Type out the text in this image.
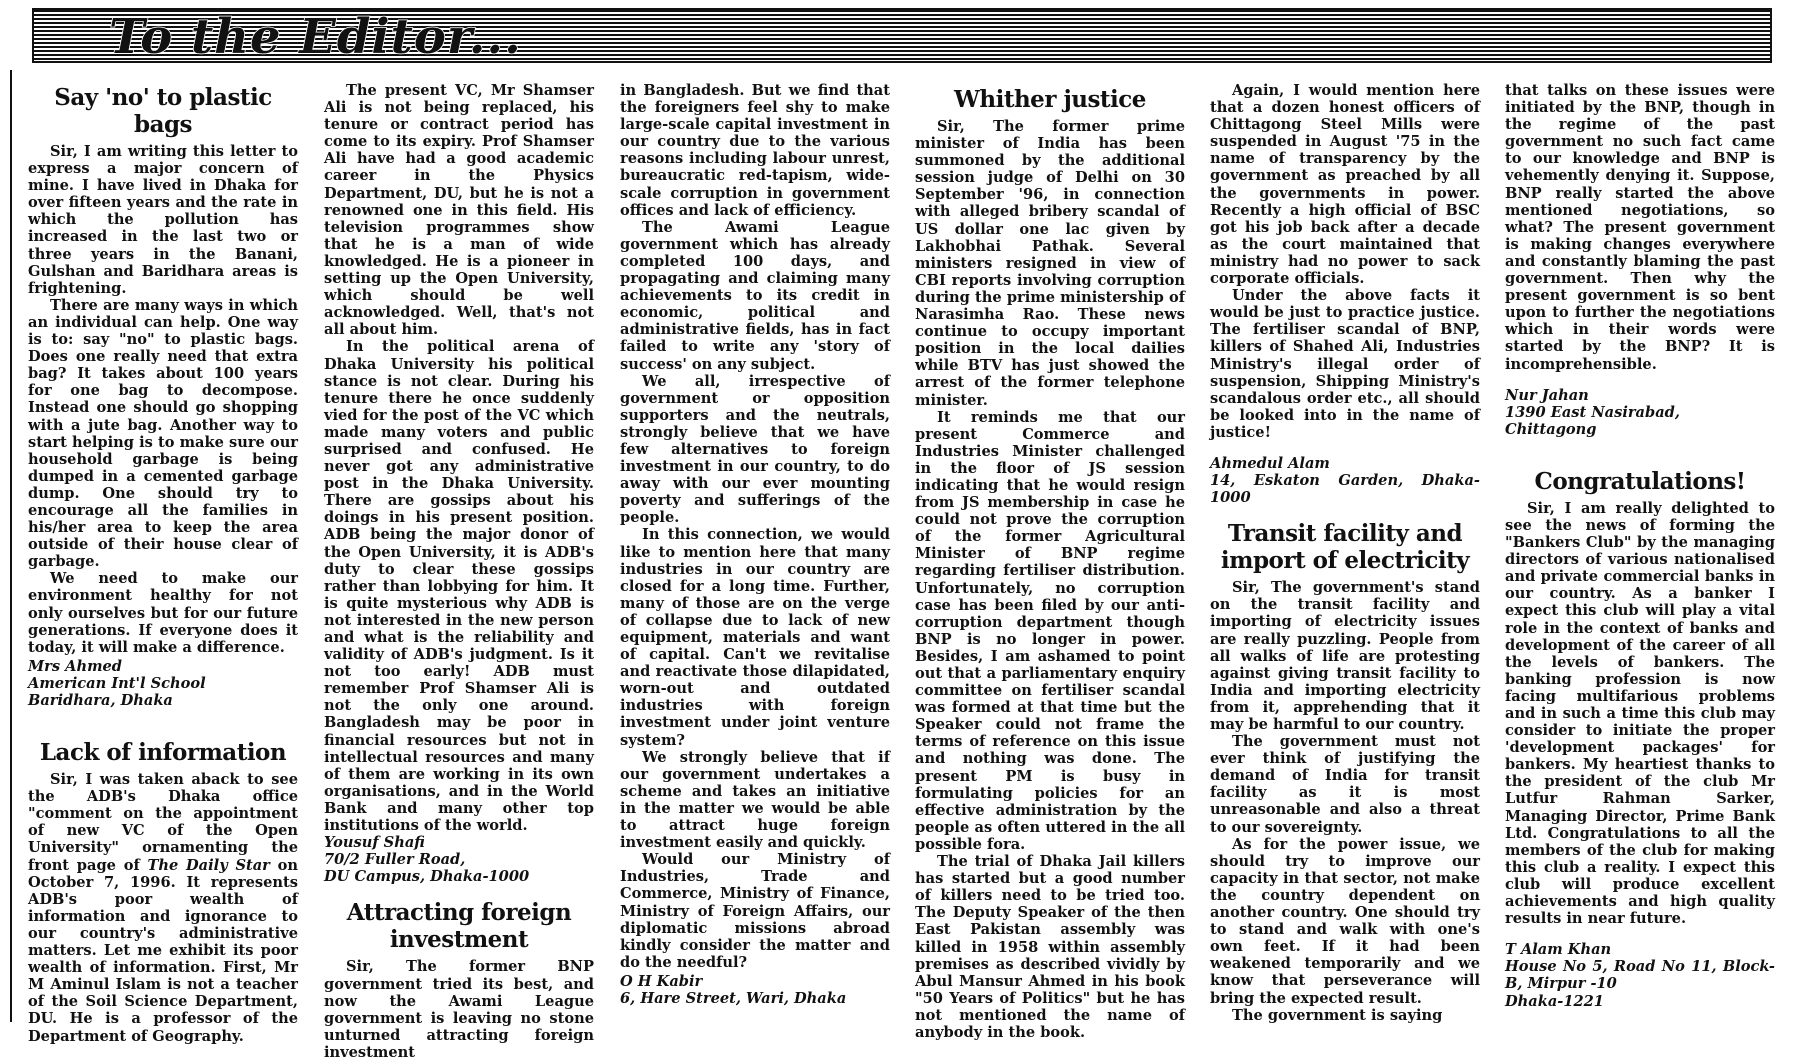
To the Editor...
Say 'no' to plastic bags

Sir, I am writing this letter to express a major concern of mine. I have lived in Dhaka for over fifteen years and the rate in which the pollution has increased in the last two or three years in the Banani, Gulshan and Baridhara areas is frightening.

There are many ways in which an individual can help. One way is to: say "no" to plastic bags. Does one really need that extra bag? It takes about 100 years for one bag to decompose. Instead one should go shopping with a jute bag. Another way to start helping is to make sure our household garbage is being dumped in a cemented garbage dump. One should try to encourage all the families in his/her area to keep the area outside of their house clear of garbage.

We need to make our environment healthy for not only ourselves but for our future generations. If everyone does it today, it will make a difference.

Mrs Ahmed

American Int'l School

Baridhara, Dhaka

Lack of information

Sir, I was taken aback to see the ADB's Dhaka office "comment on the appointment of new VC of the Open University" ornamenting the front page of The Daily Star on October 7, 1996. It represents ADB's poor wealth of information and ignorance to our country's administrative matters. Let me exhibit its poor wealth of information. First, Mr M Aminul Islam is not a teacher of the Soil Science Department, DU. He is a professor of the Department of Geography.

The present VC, Mr Shamser Ali is not being replaced, his tenure or contract period has come to its expiry. Prof Shamser Ali have had a good academic career in the Physics Department, DU, but he is not a renowned one in this field. His television programmes show that he is a man of wide knowledged. He is a pioneer in setting up the Open University, which should be well acknowledged. Well, that's not all about him.

In the political arena of Dhaka University his political stance is not clear. During his tenure there he once suddenly vied for the post of the VC which made many voters and public surprised and confused. He never got any administrative post in the Dhaka University. There are gossips about his doings in his present position. ADB being the major donor of the Open University, it is ADB's duty to clear these gossips rather than lobbying for him. It is quite mysterious why ADB is not interested in the new person and what is the reliability and validity of ADB's judgment. Is it not too early! ADB must remember Prof Shamser Ali is not the only one around. Bangladesh may be poor in financial resources but not in intellectual resources and many of them are working in its own organisations, and in the World Bank and many other top institutions of the world.

Yousuf Shafi

70/2 Fuller Road,

DU Campus, Dhaka-1000

Attracting foreign investment

Sir, The former BNP government tried its best, and now the Awami League government is leaving no stone unturned attracting foreign investment

in Bangladesh. But we find that the foreigners feel shy to make large-scale capital investment in our country due to the various reasons including labour unrest, bureaucratic red-tapism, wide-scale corruption in government offices and lack of efficiency.

The Awami League government which has already completed 100 days, and propagating and claiming many achievements to its credit in economic, political and administrative fields, has in fact failed to write any 'story of success' on any subject.

We all, irrespective of government or opposition supporters and the neutrals, strongly believe that we have few alternatives to foreign investment in our country, to do away with our ever mounting poverty and sufferings of the people.

In this connection, we would like to mention here that many industries in our country are closed for a long time. Further, many of those are on the verge of collapse due to lack of new equipment, materials and want of capital. Can't we revitalise and reactivate those dilapidated, worn-out and outdated industries with foreign investment under joint venture system?

We strongly believe that if our government undertakes a scheme and takes an initiative in the matter we would be able to attract huge foreign investment easily and quickly.

Would our Ministry of Industries, Trade and Commerce, Ministry of Finance, Ministry of Foreign Affairs, our diplomatic missions abroad kindly consider the matter and do the needful?

O H Kabir

6, Hare Street, Wari, Dhaka

Whither justice

Sir, The former prime minister of India has been summoned by the additional session judge of Delhi on 30 September '96, in connection with alleged bribery scandal of US dollar one lac given by Lakhobhai Pathak. Several ministers resigned in view of CBI reports involving corruption during the prime ministership of Narasimha Rao. These news continue to occupy important position in the local dailies while BTV has just showed the arrest of the former telephone minister.

It reminds me that our present Commerce and Industries Minister challenged in the floor of JS session indicating that he would resign from JS membership in case he could not prove the corruption of the former Agricultural Minister of BNP regime regarding fertiliser distribution. Unfortunately, no corruption case has been filed by our anti-corruption department though BNP is no longer in power. Besides, I am ashamed to point out that a parliamentary enquiry committee on fertiliser scandal was formed at that time but the Speaker could not frame the terms of reference on this issue and nothing was done. The present PM is busy in formulating policies for an effective administration by the people as often uttered in the all possible fora.

The trial of Dhaka Jail killers has started but a good number of killers need to be tried too. The Deputy Speaker of the then East Pakistan assembly was killed in 1958 within assembly premises as described vividly by Abul Mansur Ahmed in his book "50 Years of Politics" but he has not mentioned the name of anybody in the book.

Again, I would mention here that a dozen honest officers of Chittagong Steel Mills were suspended in August '75 in the name of transparency by the government as preached by all the governments in power. Recently a high official of BSC got his job back after a decade as the court maintained that ministry had no power to sack corporate officials.

Under the above facts it would be just to practice justice. The fertiliser scandal of BNP, killers of Shahed Ali, Industries Ministry's illegal order of suspension, Shipping Ministry's scandalous order etc., all should be looked into in the name of justice!

Ahmedul Alam

14, Eskaton Garden, Dhaka-1000

Transit facility and import of electricity

Sir, The government's stand on the transit facility and importing of electricity issues are really puzzling. People from all walks of life are protesting against giving transit facility to India and importing electricity from it, apprehending that it may be harmful to our country.

The government must not ever think of justifying the demand of India for transit facility as it is most unreasonable and also a threat to our sovereignty.

As for the power issue, we should try to improve our capacity in that sector, not make the country dependent on another country. One should try to stand and walk with one's own feet. If it had been weakened temporarily and we know that perseverance will bring the expected result.

The government is saying

that talks on these issues were initiated by the BNP, though in the regime of the past government no such fact came to our knowledge and BNP is vehemently denying it. Suppose, BNP really started the above mentioned negotiations, so what? The present government is making changes everywhere and constantly blaming the past government. Then why the present government is so bent upon to further the negotiations which in their words were started by the BNP? It is incomprehensible.

Nur Jahan

1390 East Nasirabad,

Chittagong

Congratulations!

Sir, I am really delighted to see the news of forming the "Bankers Club" by the managing directors of various nationalised and private commercial banks in our country. As a banker I expect this club will play a vital role in the context of banks and development of the career of all the levels of bankers. The banking profession is now facing multifarious problems and in such a time this club may consider to initiate the proper 'development packages' for bankers. My heartiest thanks to the president of the club Mr Lutfur Rahman Sarker, Managing Director, Prime Bank Ltd. Congratulations to all the members of the club for making this club a reality. I expect this club will produce excellent achievements and high quality results in near future.

T Alam Khan

House No 5, Road No 11, Block-B, Mirpur -10

Dhaka-1221
